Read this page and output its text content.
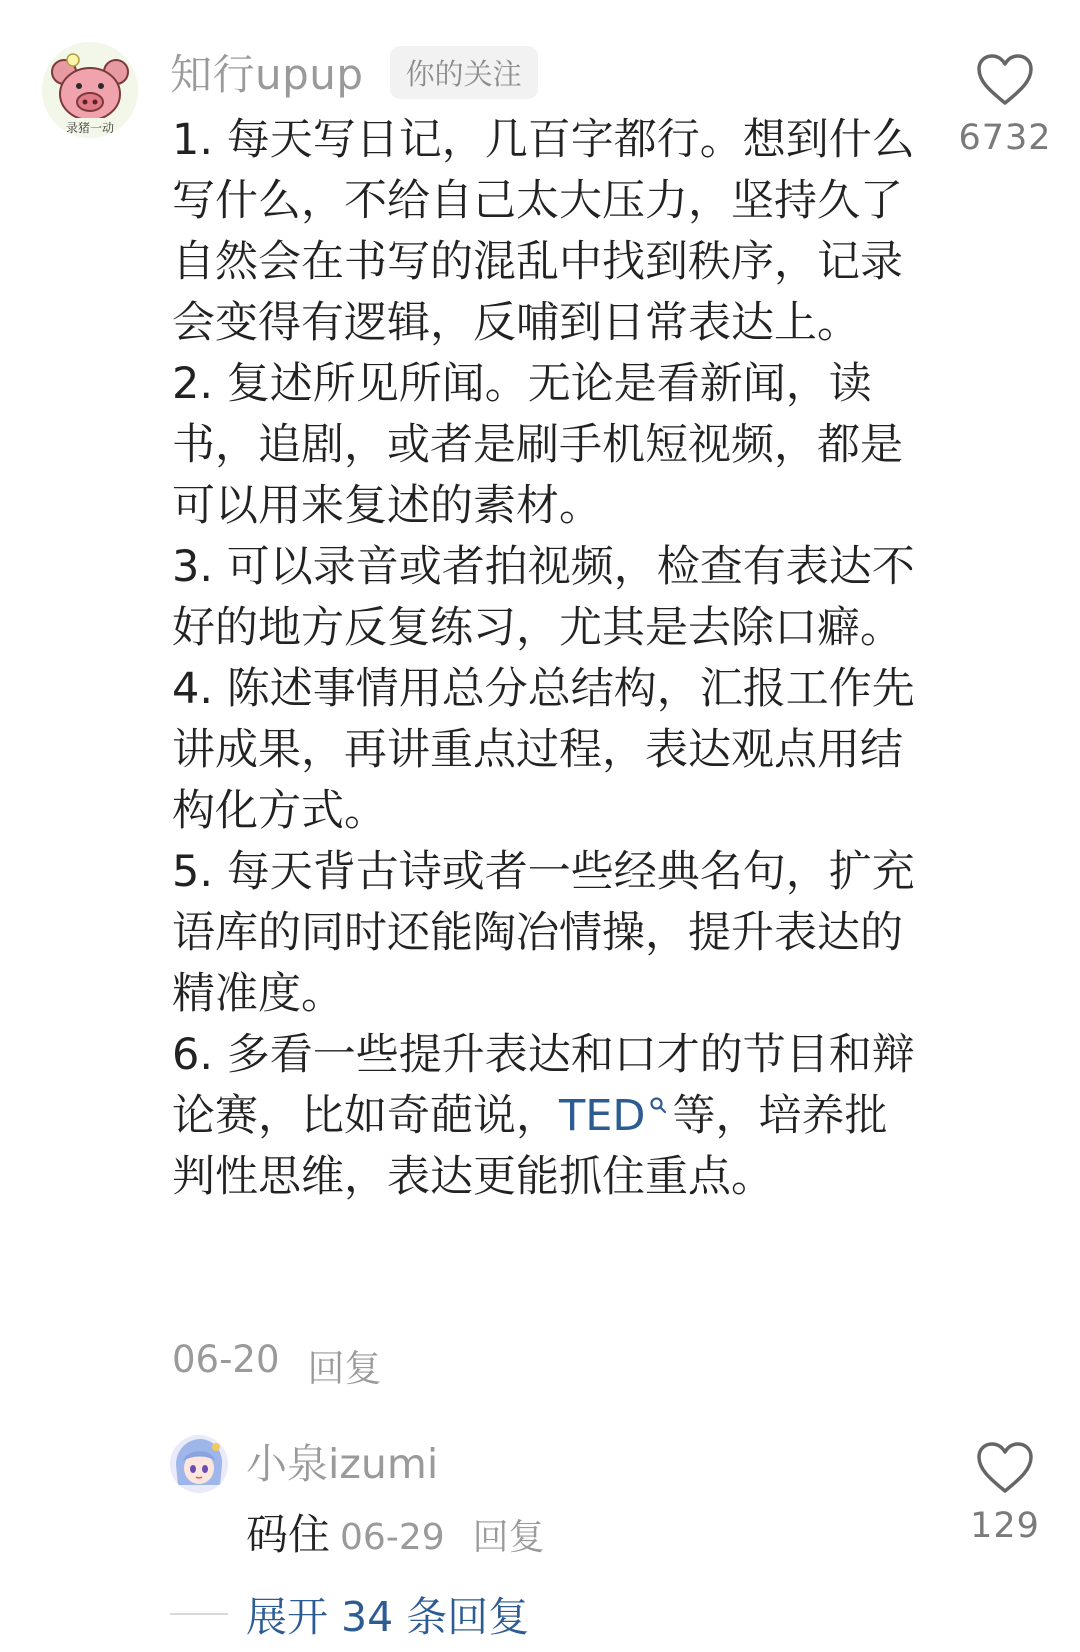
录猪一动
知行upup	你的关注
6732

1. 每天写日记，几百字都行。想到什么写什么，不给自己太大压力，坚持久了自然会在书写的混乱中找到秩序，记录会变得有逻辑，反哺到日常表达上。

2. 复述所见所闻。无论是看新闻，读书，追剧，或者是刷手机短视频，都是可以用来复述的素材。

3. 可以录音或者拍视频，检查有表达不好的地方反复练习，尤其是去除口癖。

4. 陈述事情用总分总结构，汇报工作先讲成果，再讲重点过程，表达观点用结构化方式。

5. 每天背古诗或者一些经典名句，扩充语库的同时还能陶冶情操，提升表达的精准度。

6. 多看一些提升表达和口才的节目和辩论赛，比如奇葩说，TED 等，培养批判性思维，表达更能抓住重点。

06-20 回复
小泉izumi
码住 06-29 回复	129
展开 34 条回复
